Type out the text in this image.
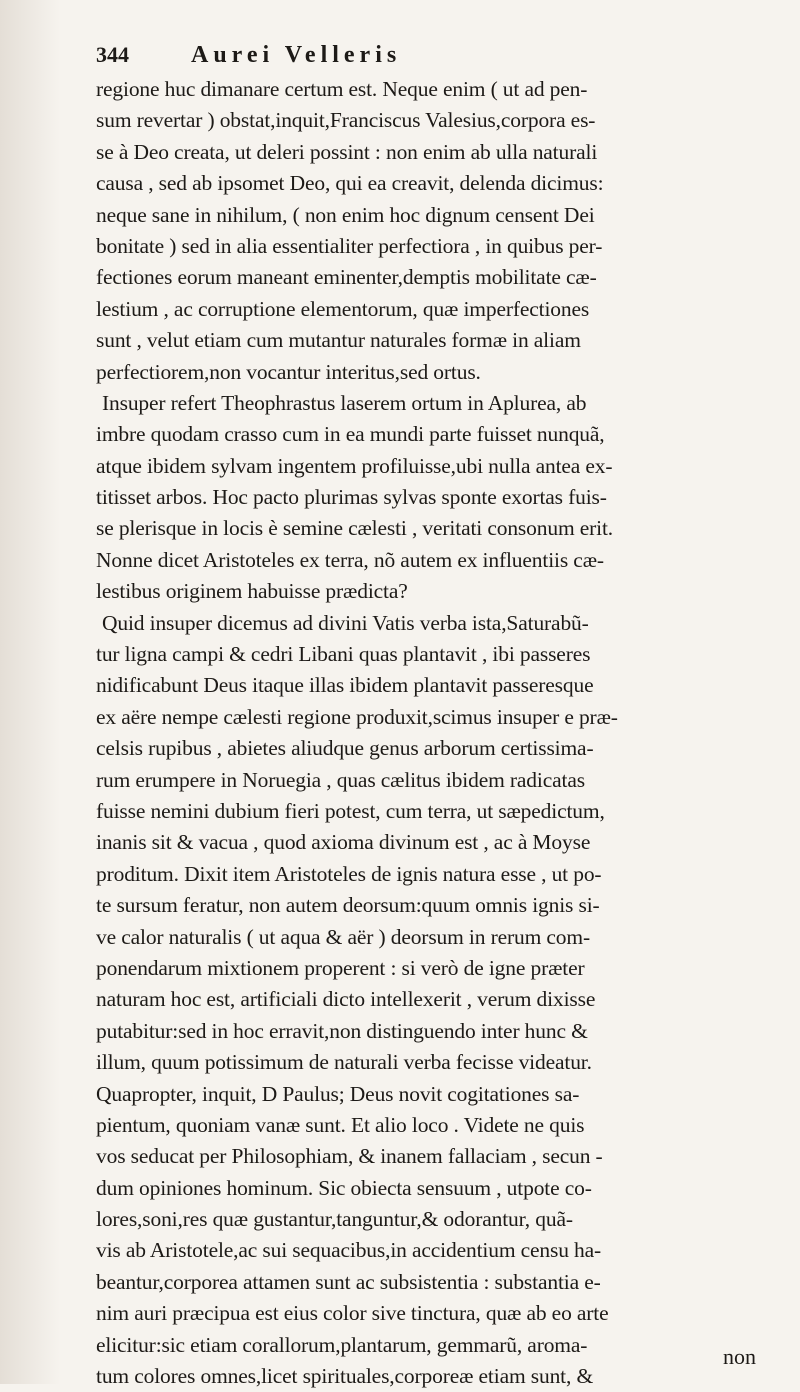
344	Aurei Velleris
regione huc dimanare certum est. Neque enim ( ut ad pen-
sum revertar ) obstat,inquit,Franciscus Valesius,corpora es-
se à Deo creata, ut deleri possint : non enim ab ulla naturali
causa , sed ab ipsomet Deo, qui ea creavit, delenda dicimus:
neque sane in nihilum, ( non enim hoc dignum censent Dei
bonitate ) sed in alia essentialiter perfectiora , in quibus per-
fectiones eorum maneant eminenter,demptis mobilitate cæ-
lestium , ac corruptione elementorum, quæ imperfectiones
sunt , velut etiam cum mutantur naturales formæ in aliam
perfectiorem,non vocantur interitus,sed ortus.
Insuper refert Theophrastus laserem ortum in Aplurea, ab
imbre quodam crasso cum in ea mundi parte fuisset nunquã,
atque ibidem sylvam ingentem profiluisse,ubi nulla antea ex-
titisset arbos. Hoc pacto plurimas sylvas sponte exortas fuis-
se plerisque in locis è semine cælesti , veritati consonum erit.
Nonne dicet Aristoteles ex terra, nõ autem ex influentiis cæ-
lestibus originem habuisse prædicta?
Quid insuper dicemus ad divini Vatis verba ista,Saturabũ-
tur ligna campi & cedri Libani quas plantavit , ibi passeres
nidificabunt Deus itaque illas ibidem plantavit passeresque
ex aëre nempe cælesti regione produxit,scimus insuper e præ-
celsis rupibus , abietes aliudque genus arborum certissima-
rum erumpere in Noruegia , quas cælitus ibidem radicatas
fuisse nemini dubium fieri potest, cum terra, ut sæpedictum,
inanis sit & vacua , quod axioma divinum est , ac à Moyse
proditum. Dixit item Aristoteles de ignis natura esse , ut po-
te sursum feratur, non autem deorsum:quum omnis ignis si-
ve calor naturalis ( ut aqua & aër ) deorsum in rerum com-
ponendarum mixtionem properent : si verò de igne præter
naturam hoc est, artificiali dicto intellexerit , verum dixisse
putabitur:sed in hoc erravit,non distinguendo inter hunc &
illum, quum potissimum de naturali verba fecisse videatur.
Quapropter, inquit, D Paulus; Deus novit cogitationes sa-
pientum, quoniam vanæ sunt. Et alio loco . Videte ne quis
vos seducat per Philosophiam, & inanem fallaciam , secun -
dum opiniones hominum. Sic obiecta sensuum , utpote co-
lores,soni,res quæ gustantur,tanguntur,& odorantur, quã-
vis ab Aristotele,ac sui sequacibus,in accidentium censu ha-
beantur,corporea attamen sunt ac subsistentia : substantia e-
nim auri præcipua est eius color sive tinctura, quæ ab eo arte
elicitur:sic etiam corallorum,plantarum, gemmarũ, aroma-
tum colores omnes,licet spirituales,corporeæ etiam sunt, &
non
